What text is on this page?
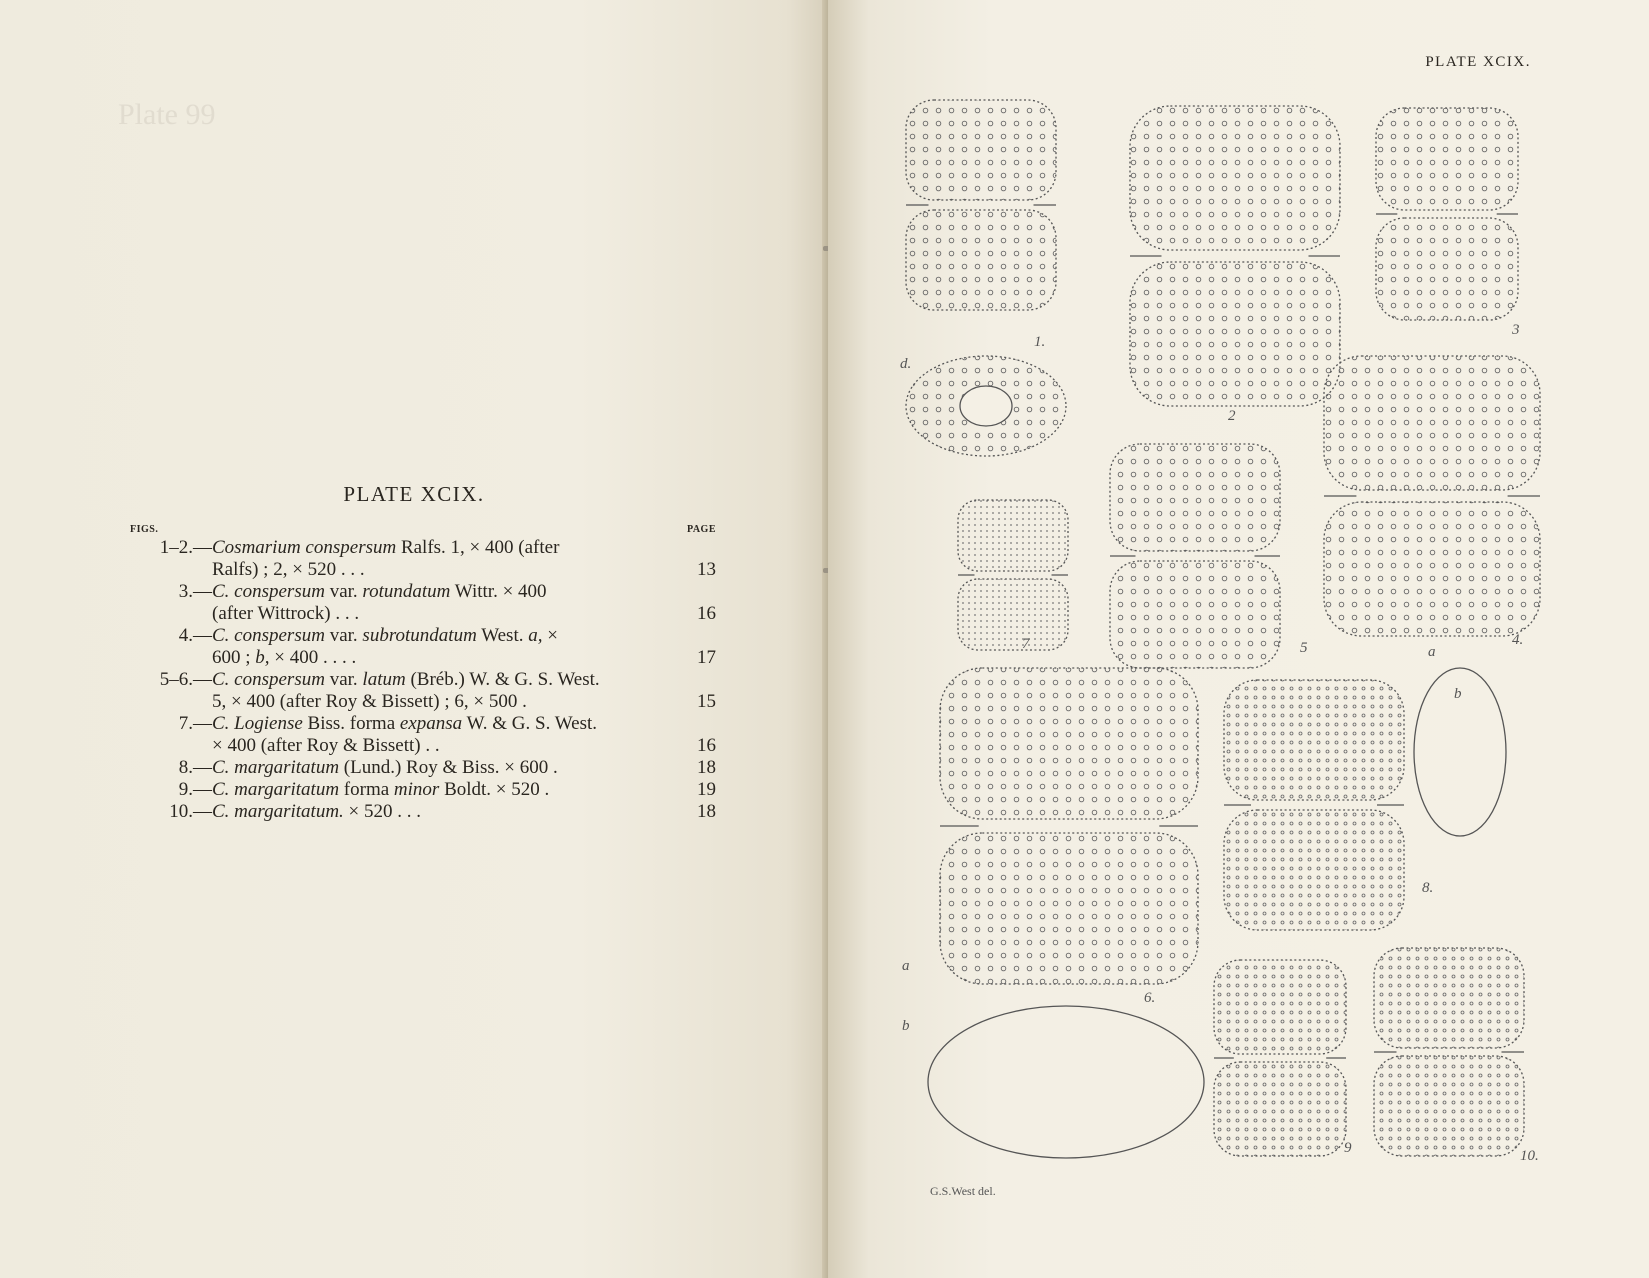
Plate 99
PLATE XCIX.
FIGS.	PAGE
1–2.— Cosmarium conspersum Ralfs. 1, × 400 (after
Ralfs) ; 2, × 520 . . .	13
3.— C. conspersum var. rotundatum Wittr. × 400
(after Wittrock) . . .	16
4.— C. conspersum var. subrotundatum West. a, ×
600 ; b, × 400 . . . .	17
5–6.— C. conspersum var. latum (Bréb.) W. & G. S. West.
5, × 400 (after Roy & Bissett) ; 6, × 500 .	15
7.— C. Logiense Biss. forma expansa W. & G. S. West.
× 400 (after Roy & Bissett) . .	16
8.— C. margaritatum (Lund.) Roy & Biss. × 600 .	18
9.— C. margaritatum forma minor Boldt. × 520 .	19
10.— C. margaritatum. × 520 . . .	18
PLATE XCIX.
1.
d.
2
3
7	5	a
4.
b
8.
a
6.
b
9	10.
G.S.West del.
